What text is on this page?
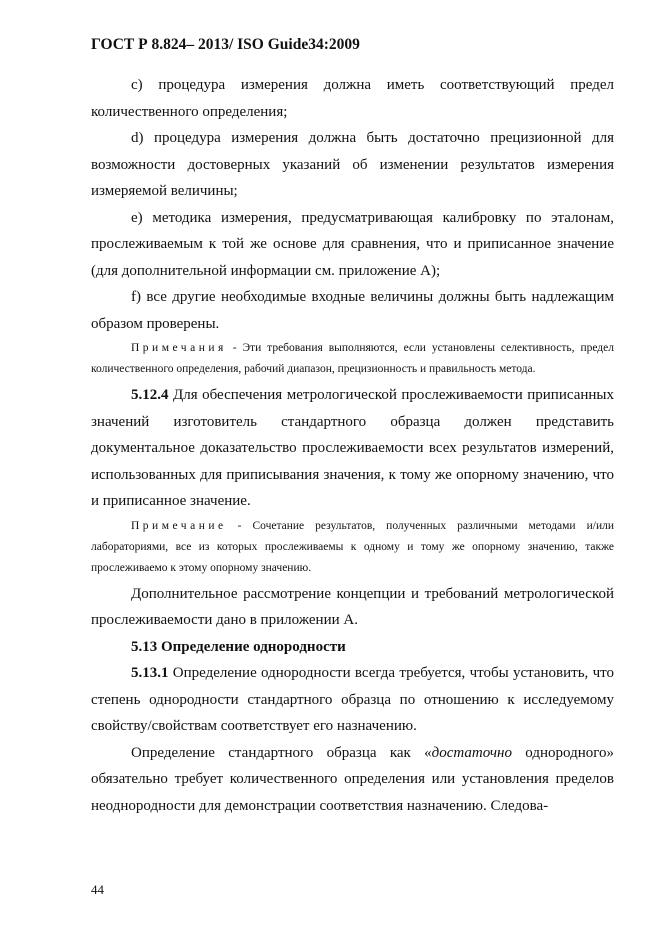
ГОСТ Р 8.824– 2013/ ISO Guide34:2009

с) процедура измерения должна иметь соответствующий предел количественного определения;

d) процедура измерения должна быть достаточно прецизионной для возможности достоверных указаний об изменении результатов измерения измеряемой величины;

е) методика измерения, предусматривающая калибровку по эталонам, прослеживаемым к той же основе для сравнения, что и приписанное значение (для дополнительной информации см. приложение А);

f) все другие необходимые входные величины должны быть надлежащим образом проверены.

Примечания - Эти требования выполняются, если установлены селективность, предел количественного определения, рабочий диапазон, прецизионность и правильность метода.

5.12.4 Для обеспечения метрологической прослеживаемости приписанных значений изготовитель стандартного образца должен представить документальное доказательство прослеживаемости всех результатов измерений, использованных для приписывания значения, к тому же опорному значению, что и приписанное значение.

Примечание - Сочетание результатов, полученных различными методами и/или лабораториями, все из которых прослеживаемы к одному и тому же опорному значению, также прослеживаемо к этому опорному значению.

Дополнительное рассмотрение концепции и требований метрологической прослеживаемости дано в приложении А.

5.13 Определение однородности

5.13.1 Определение однородности всегда требуется, чтобы установить, что степень однородности стандартного образца по отношению к исследуемому свойству/свойствам соответствует его назначению.

Определение стандартного образца как «достаточно однородного» обязательно требует количественного определения или установления пределов неоднородности для демонстрации соответствия назначению. Следова-

44
